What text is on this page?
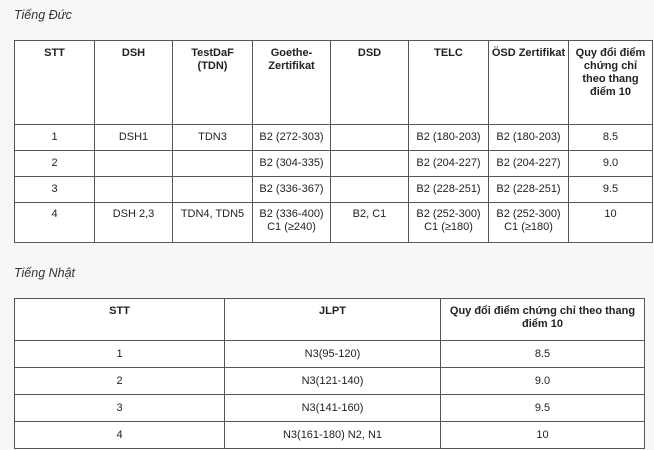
Tiếng Đức
STT	DSH	TestDaF (TDN)	Goethe-Zertifikat	DSD	TELC	ÖSD Zertifikat	Quy đổi điểm chứng chỉ theo thang điểm 10
1	DSH1	TDN3	B2 (272-303)		B2 (180-203)	B2 (180-203)	8.5
2			B2 (304-335)		B2 (204-227)	B2 (204-227)	9.0
3			B2 (336-367)		B2 (228-251)	B2 (228-251)	9.5
4	DSH 2,3	TDN4, TDN5	B2 (336-400) C1 (≥240)	B2, C1	B2 (252-300) C1 (≥180)	B2 (252-300) C1 (≥180)	10
Tiếng Nhật
STT	JLPT	Quy đổi điểm chứng chỉ theo thang điểm 10
1	N3(95-120)	8.5
2	N3(121-140)	9.0
3	N3(141-160)	9.5
4	N3(161-180) N2, N1	10
